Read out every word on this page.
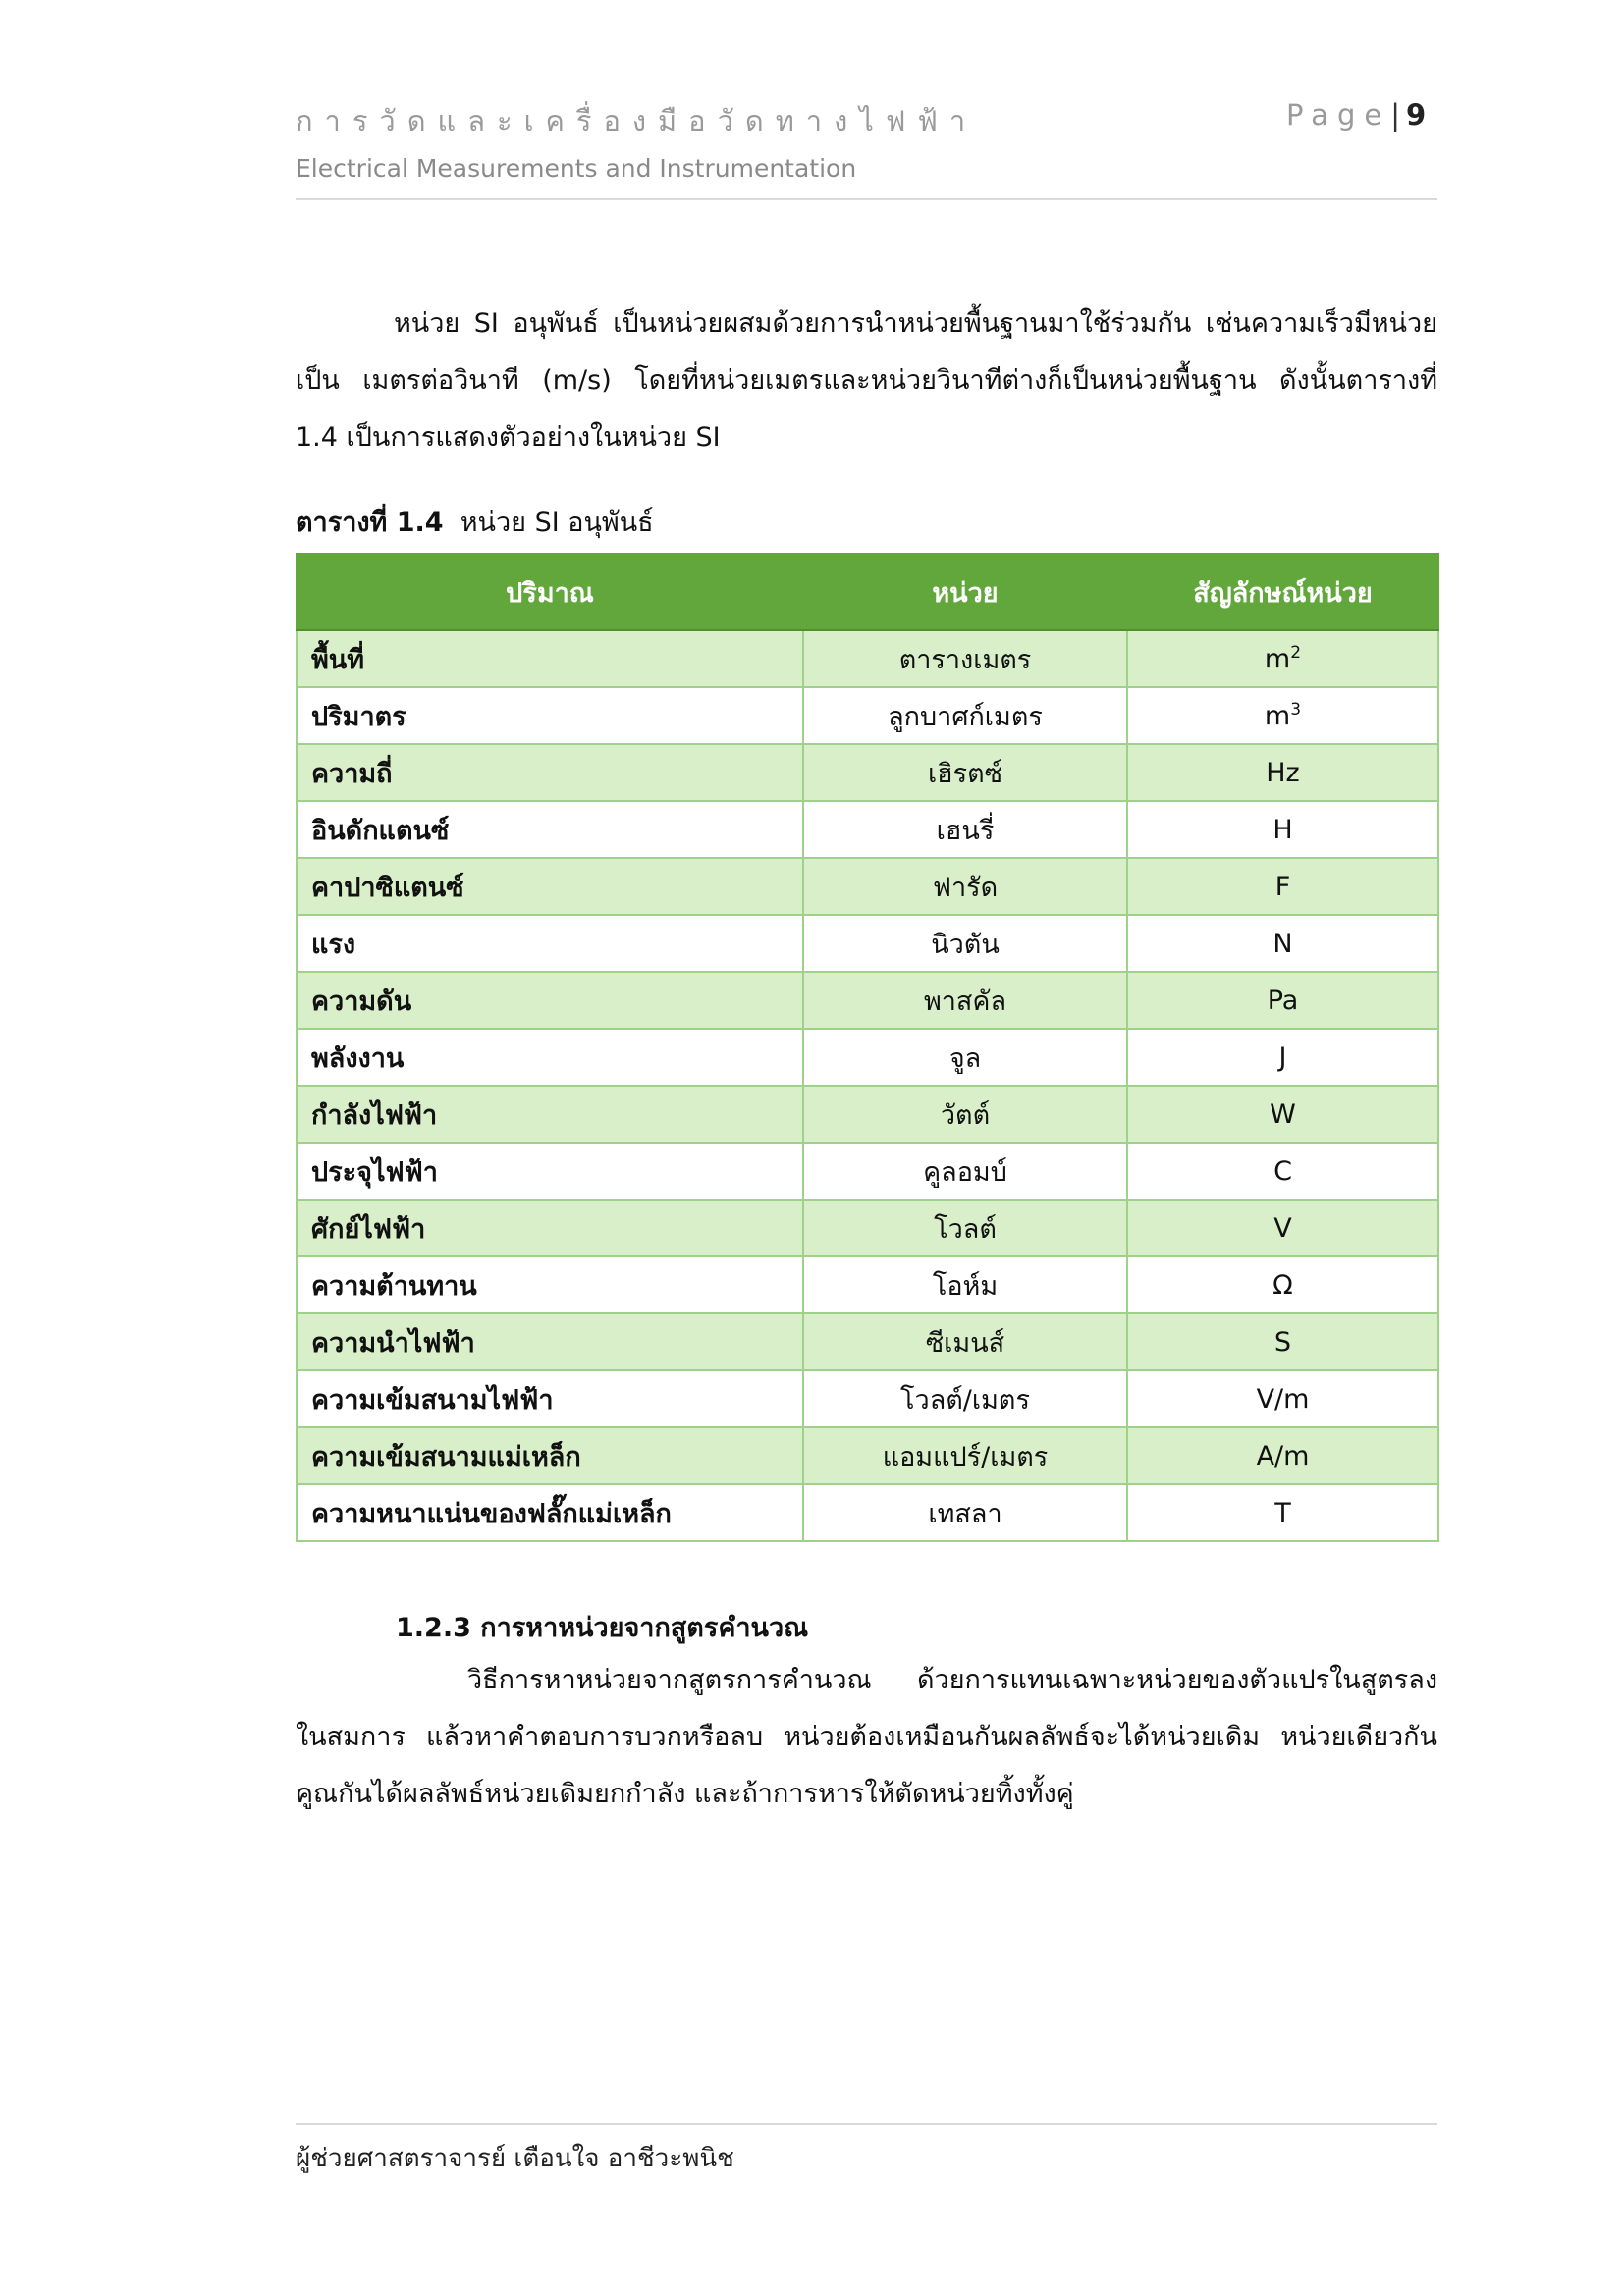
การวัดและเครื่องมือวัดทางไฟฟ้า	Page| 9
Electrical Measurements and Instrumentation

หน่วย SI อนุพันธ์ เป็นหน่วยผสมด้วยการนำหน่วยพื้นฐานมาใช้ร่วมกัน เช่นความเร็วมีหน่วย
เป็น เมตรต่อวินาที (m/s) โดยที่หน่วยเมตรและหน่วยวินาทีต่างก็เป็นหน่วยพื้นฐาน ดังนั้นตารางที่
1.4 เป็นการแสดงตัวอย่างในหน่วย SI

ตารางที่ 1.4 หน่วย SI อนุพันธ์
ปริมาณ	หน่วย	สัญลักษณ์หน่วย
พื้นที่	ตารางเมตร	$m^2$
ปริมาตร	ลูกบาศก์เมตร	$m^3$
ความถี่	เฮิรตซ์	Hz
อินดักแตนซ์	เฮนรี่	H
คาปาซิแตนซ์	ฟารัด	F
แรง	นิวตัน	N
ความดัน	พาสคัล	Pa
พลังงาน	จูล	J
กำลังไฟฟ้า	วัตต์	W
ประจุไฟฟ้า	คูลอมบ์	C
ศักย์ไฟฟ้า	โวลต์	V
ความต้านทาน	โอห์ม	Ω
ความนำไฟฟ้า	ซีเมนส์	S
ความเข้มสนามไฟฟ้า	โวลต์/เมตร	V/m
ความเข้มสนามแม่เหล็ก	แอมแปร์/เมตร	A/m
ความหนาแน่นของฟลั๊กแม่เหล็ก	เทสลา	T
1.2.3 การหาหน่วยจากสูตรคำนวณ

วิธีการหาหน่วยจากสูตรการคำนวณ ด้วยการแทนเฉพาะหน่วยของตัวแปรในสูตรลง
ในสมการ แล้วหาคำตอบการบวกหรือลบ หน่วยต้องเหมือนกันผลลัพธ์จะได้หน่วยเดิม หน่วยเดียวกัน
คูณกันได้ผลลัพธ์หน่วยเดิมยกกำลัง และถ้าการหารให้ตัดหน่วยทิ้งทั้งคู่

ผู้ช่วยศาสตราจารย์ เตือนใจ อาชีวะพนิช
